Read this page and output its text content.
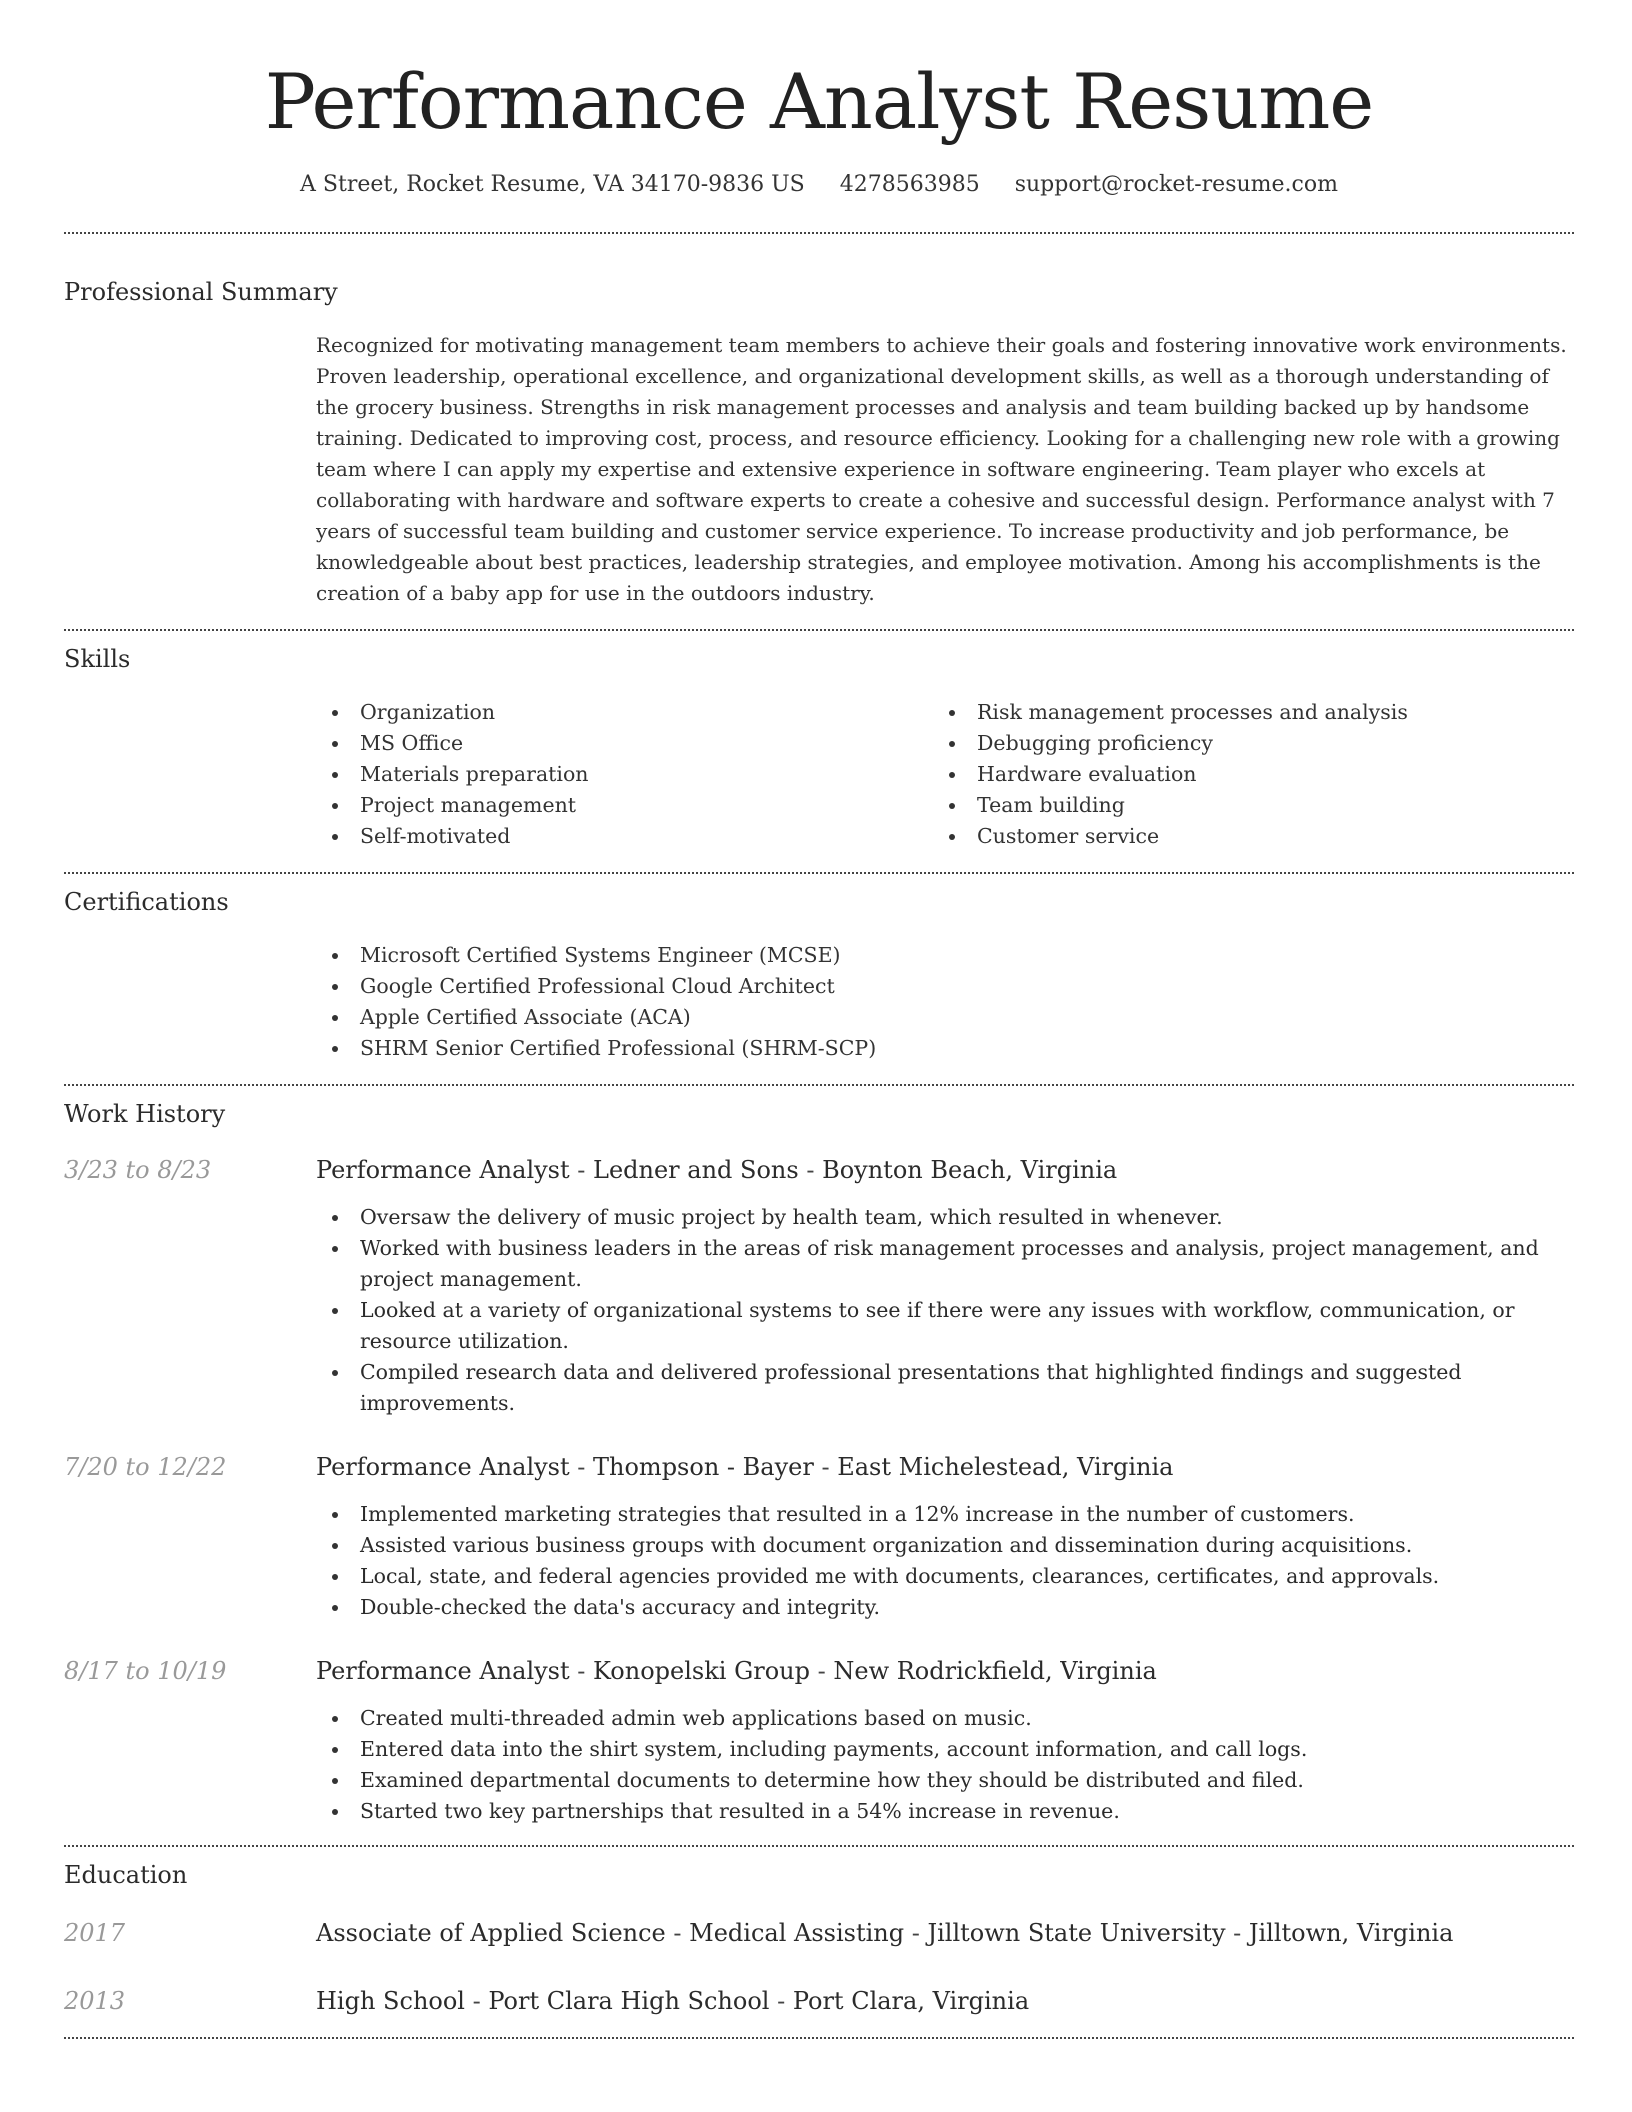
Performance Analyst Resume
A Street, Rocket Resume, VA 34170-9836 US 4278563985 support@rocket-resume.com
Professional Summary
Recognized for motivating management team members to achieve their goals and fostering innovative work environments. Proven leadership, operational excellence, and organizational development skills, as well as a thorough understanding of the grocery business. Strengths in risk management processes and analysis and team building backed up by handsome training. Dedicated to improving cost, process, and resource efficiency. Looking for a challenging new role with a growing team where I can apply my expertise and extensive experience in software engineering. Team player who excels at collaborating with hardware and software experts to create a cohesive and successful design. Performance analyst with 7 years of successful team building and customer service experience. To increase productivity and job performance, be knowledgeable about best practices, leadership strategies, and employee motivation. Among his accomplishments is the creation of a baby app for use in the outdoors industry.
Skills
Organization
MS Office
Materials preparation
Project management
Self-motivated
Risk management processes and analysis
Debugging proficiency
Hardware evaluation
Team building
Customer service
Certifications
Microsoft Certified Systems Engineer (MCSE)
Google Certified Professional Cloud Architect
Apple Certified Associate (ACA)
SHRM Senior Certified Professional (SHRM-SCP)
Work History
3/23 to 8/23	Performance Analyst - Ledner and Sons - Boynton Beach, Virginia
Oversaw the delivery of music project by health team, which resulted in whenever.
Worked with business leaders in the areas of risk management processes and analysis, project management, and project management.
Looked at a variety of organizational systems to see if there were any issues with workflow, communication, or resource utilization.
Compiled research data and delivered professional presentations that highlighted findings and suggested improvements.
7/20 to 12/22	Performance Analyst - Thompson - Bayer - East Michelestead, Virginia
Implemented marketing strategies that resulted in a 12% increase in the number of customers.
Assisted various business groups with document organization and dissemination during acquisitions.
Local, state, and federal agencies provided me with documents, clearances, certificates, and approvals.
Double-checked the data's accuracy and integrity.
8/17 to 10/19	Performance Analyst - Konopelski Group - New Rodrickfield, Virginia
Created multi-threaded admin web applications based on music.
Entered data into the shirt system, including payments, account information, and call logs.
Examined departmental documents to determine how they should be distributed and filed.
Started two key partnerships that resulted in a 54% increase in revenue.
Education
2017	Associate of Applied Science - Medical Assisting - Jilltown State University - Jilltown, Virginia
2013	High School - Port Clara High School - Port Clara, Virginia
